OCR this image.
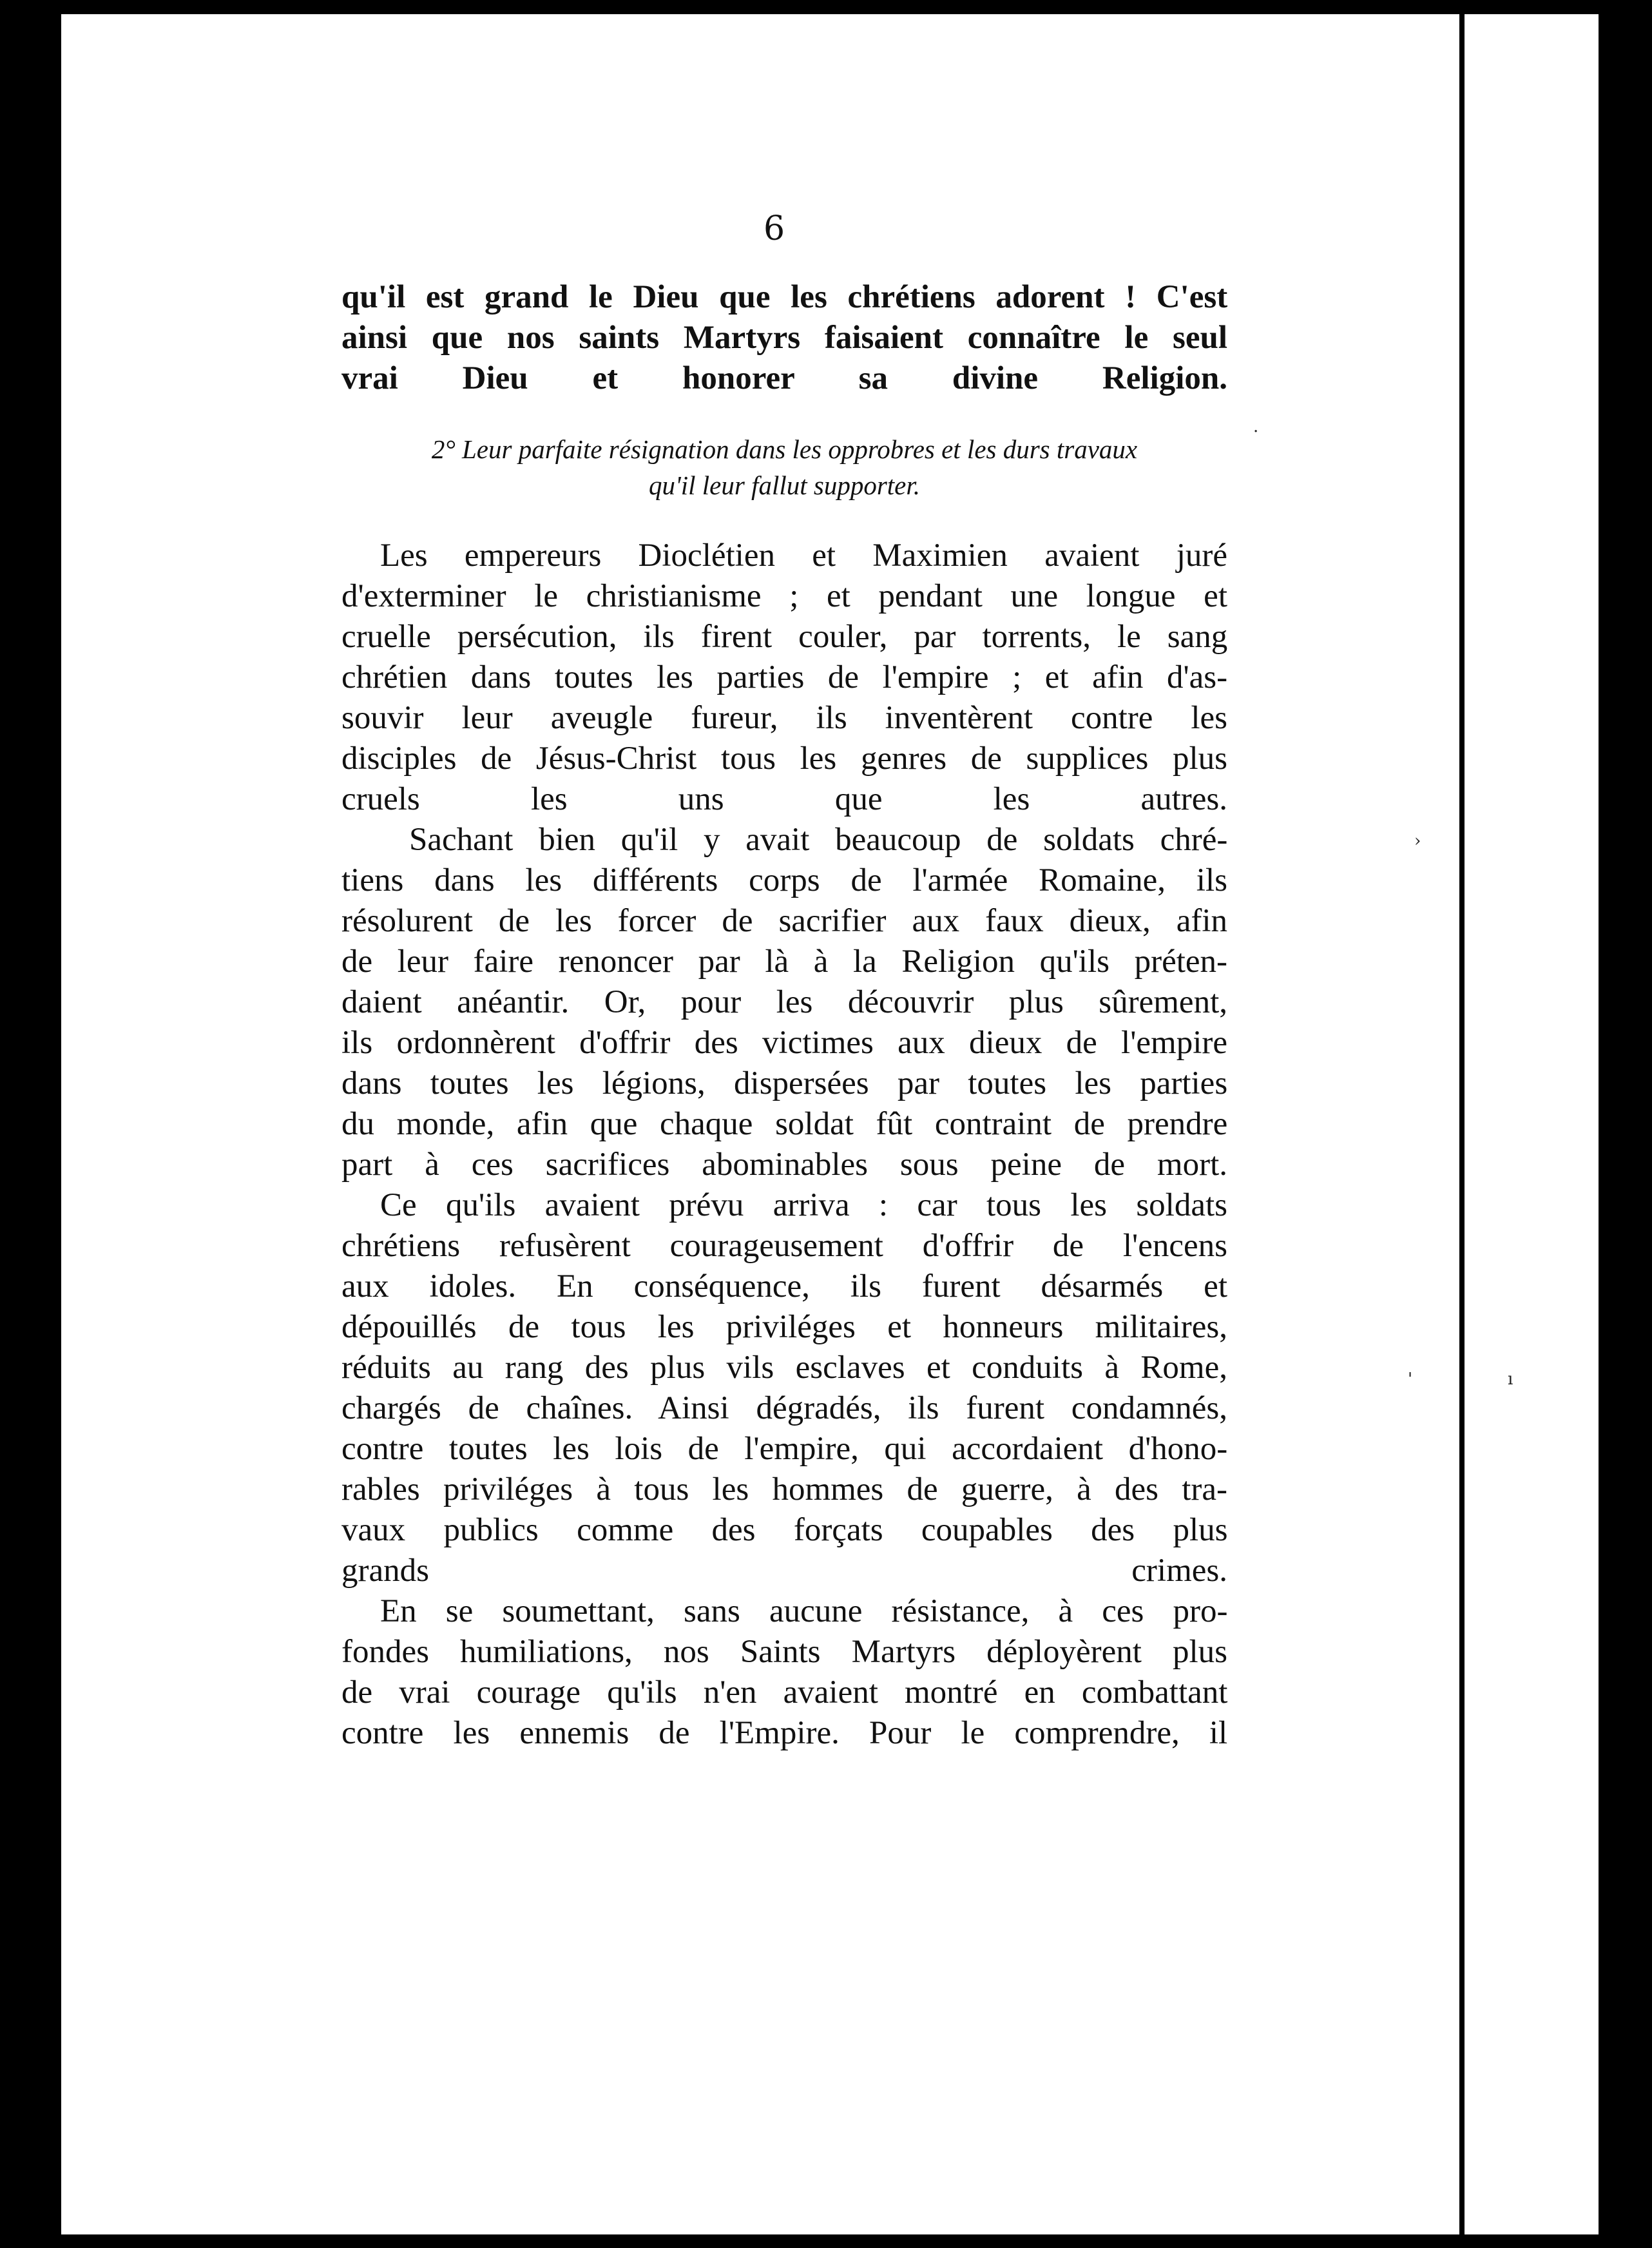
›
'	ı
·
6

qu'il est grand le Dieu que les chrétiens adorent ! C'est
ainsi que nos saints Martyrs faisaient connaître le seul
vrai Dieu et honorer sa divine Religion.

2° Leur parfaite résignation dans les opprobres et les durs travaux

qu'il leur fallut supporter.

Les empereurs Dioclétien et Maximien avaient juré
d'exterminer le christianisme ; et pendant une longue et
cruelle persécution, ils firent couler, par torrents, le sang
chrétien dans toutes les parties de l'empire ; et afin d'as-
souvir leur aveugle fureur, ils inventèrent contre les
disciples de Jésus-Christ tous les genres de supplices plus
cruels les uns que les autres.

Sachant bien qu'il y avait beaucoup de soldats chré-
tiens dans les différents corps de l'armée Romaine, ils
résolurent de les forcer de sacrifier aux faux dieux, afin
de leur faire renoncer par là à la Religion qu'ils préten-
daient anéantir. Or, pour les découvrir plus sûrement,
ils ordonnèrent d'offrir des victimes aux dieux de l'empire
dans toutes les légions, dispersées par toutes les parties
du monde, afin que chaque soldat fût contraint de prendre
part à ces sacrifices abominables sous peine de mort.

Ce qu'ils avaient prévu arriva : car tous les soldats
chrétiens refusèrent courageusement d'offrir de l'encens
aux idoles. En conséquence, ils furent désarmés et
dépouillés de tous les priviléges et honneurs militaires,
réduits au rang des plus vils esclaves et conduits à Rome,
chargés de chaînes. Ainsi dégradés, ils furent condamnés,
contre toutes les lois de l'empire, qui accordaient d'hono-
rables priviléges à tous les hommes de guerre, à des tra-
vaux publics comme des forçats coupables des plus
grands crimes.

En se soumettant, sans aucune résistance, à ces pro-
fondes humiliations, nos Saints Martyrs déployèrent plus
de vrai courage qu'ils n'en avaient montré en combattant
contre les ennemis de l'Empire. Pour le comprendre, il
